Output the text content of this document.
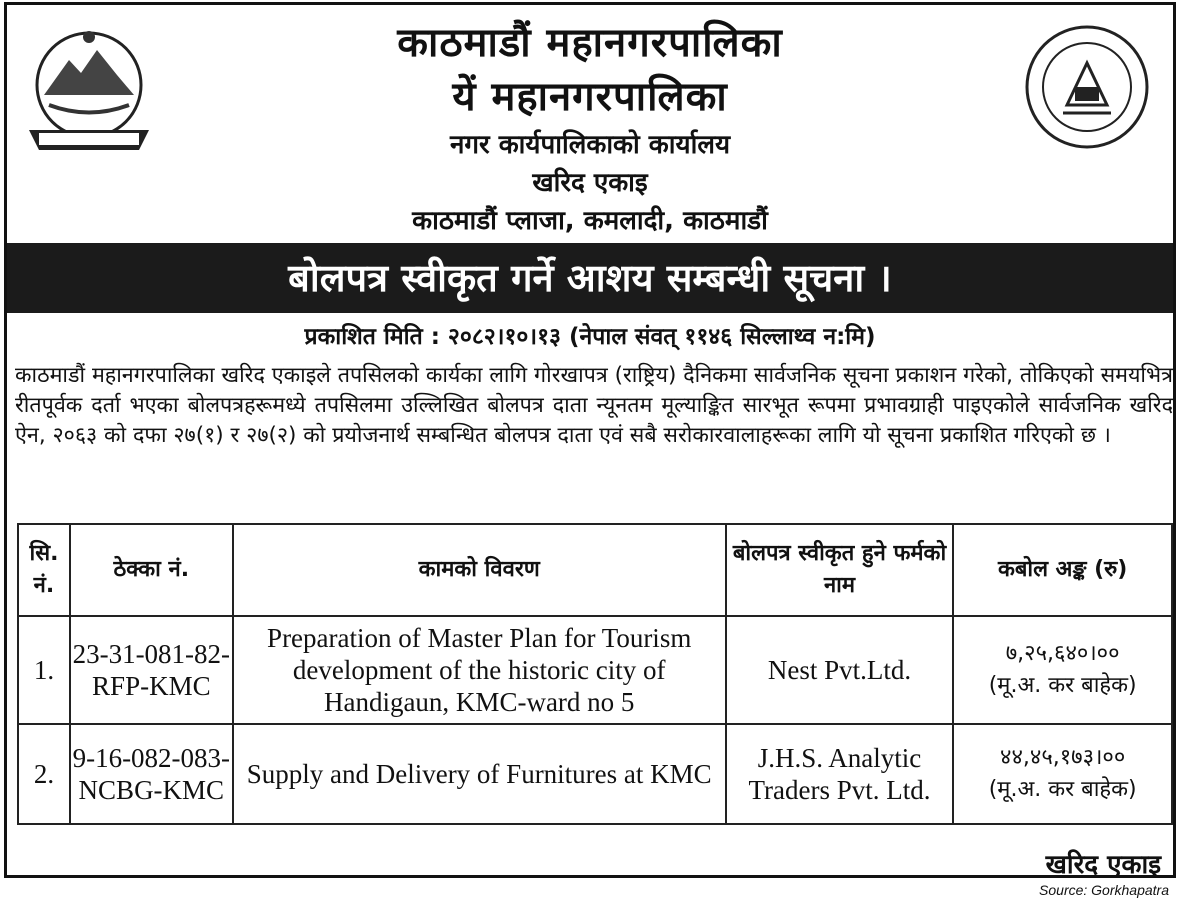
काठमाडौं महानगरपालिका
यें महानगरपालिका
नगर कार्यपालिकाको कार्यालय
खरिद एकाइ
काठमाडौं प्लाजा, कमलादी, काठमाडौं
बोलपत्र स्वीकृत गर्ने आशय सम्बन्धी सूचना ।
प्रकाशित मिति : २०८२।१०।१३ (नेपाल संवत् ११४६ सिल्लाथ्व न:मि)
काठमाडौं महानगरपालिका खरिद एकाइले तपसिलको कार्यका लागि गोरखापत्र (राष्ट्रिय) दैनिकमा सार्वजनिक सूचना प्रकाशन गरेको, तोकिएको समयभित्र रीतपूर्वक दर्ता भएका बोलपत्रहरूमध्ये तपसिलमा उल्लिखित बोलपत्र दाता न्यूनतम मूल्याङ्कित सारभूत रूपमा प्रभावग्राही पाइएकोले सार्वजनिक खरिद ऐन, २०६३ को दफा २७(१) र २७(२) को प्रयोजनार्थ सम्बन्धित बोलपत्र दाता एवं सबै सरोकारवालाहरूका लागि यो सूचना प्रकाशित गरिएको छ ।
सि. नं.	ठेक्का नं.	कामको विवरण	बोलपत्र स्वीकृत हुने फर्मको नाम	कबोल अङ्क (रु)
1.	23-31-081-82-RFP-KMC	Preparation of Master Plan for Tourism development of the historic city of Handigaun, KMC-ward no 5	Nest Pvt.Ltd.	७,२५,६४०।००
(मू.अ. कर बाहेक)

2.	9-16-082-083-NCBG-KMC	Supply and Delivery of Furnitures at KMC	J.H.S. Analytic Traders Pvt. Ltd.	४४,४५,१७३।००
(मू.अ. कर बाहेक)
खरिद एकाइ
Source: Gorkhapatra
